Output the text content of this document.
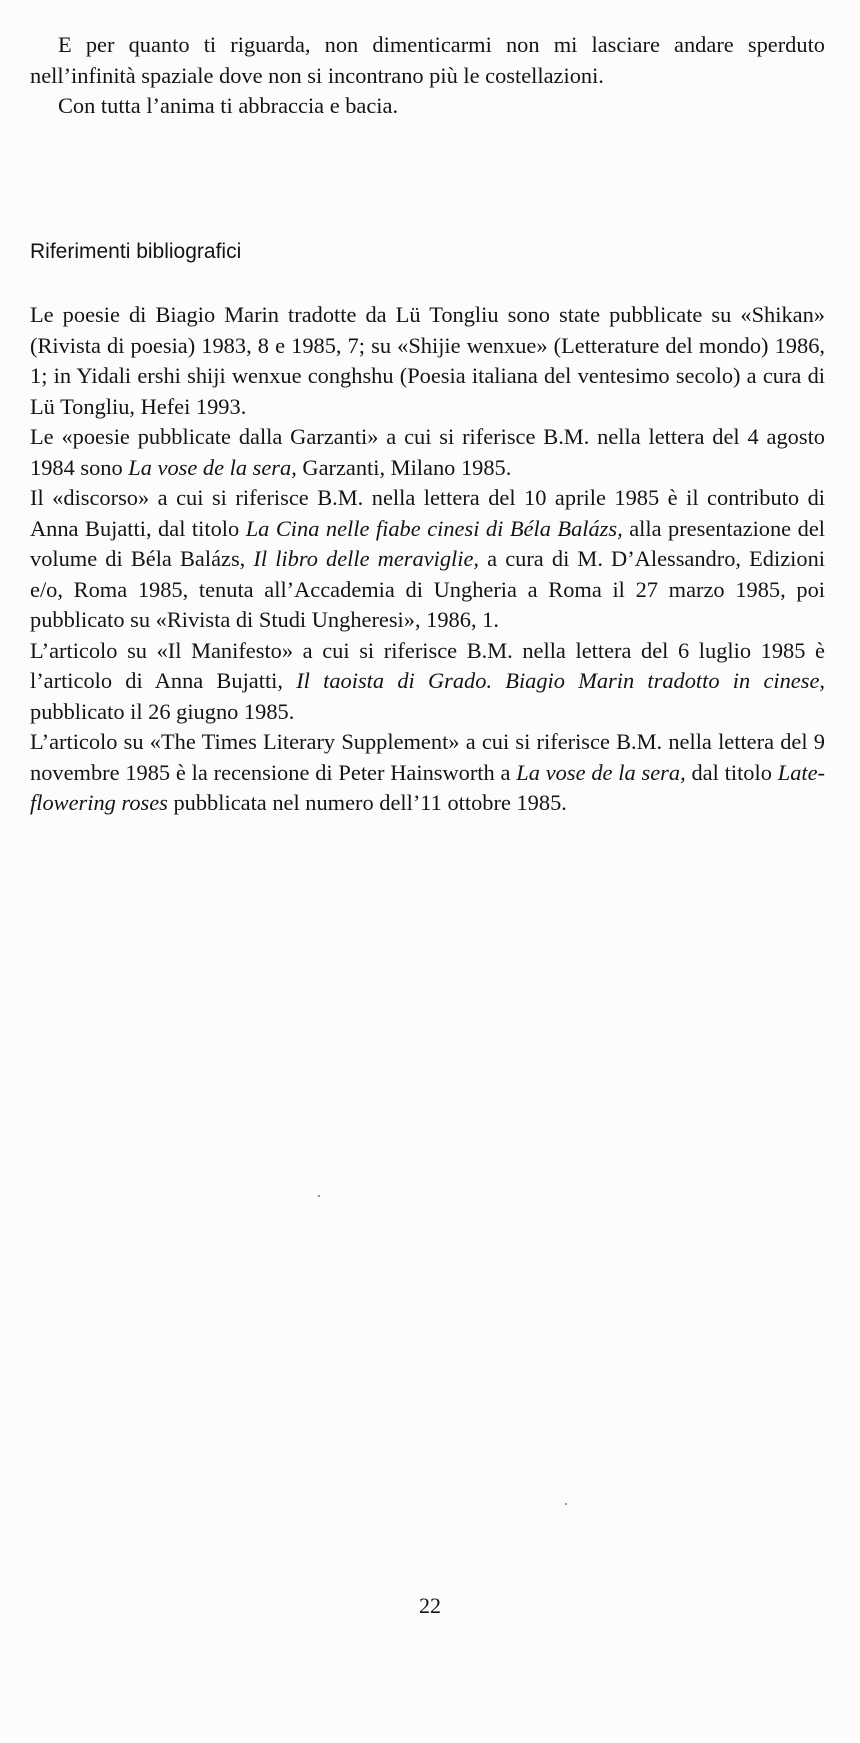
E per quanto ti riguarda, non dimenticarmi non mi lasciare andare sperduto nell’infinità spaziale dove non si incontrano più le costellazioni.

Con tutta l’anima ti abbraccia e bacia.

Riferimenti bibliografici

Le poesie di Biagio Marin tradotte da Lü Tongliu sono state pubblicate su «Shikan» (Rivista di poesia) 1983, 8 e 1985, 7; su «Shijie wenxue» (Letterature del mondo) 1986, 1; in Yidali ershi shiji wenxue conghshu (Poesia italiana del ventesimo secolo) a cura di Lü Tongliu, Hefei 1993.

Le «poesie pubblicate dalla Garzanti» a cui si riferisce B.M. nella lettera del 4 agosto 1984 sono La vose de la sera, Garzanti, Milano 1985.

Il «discorso» a cui si riferisce B.M. nella lettera del 10 aprile 1985 è il contributo di Anna Bujatti, dal titolo La Cina nelle fiabe cinesi di Béla Balázs, alla presentazione del volume di Béla Balázs, Il libro delle meraviglie, a cura di M. D’Alessandro, Edizioni e/o, Roma 1985, tenuta all’Accademia di Ungheria a Roma il 27 marzo 1985, poi pubblicato su «Rivista di Studi Ungheresi», 1986, 1.

L’articolo su «Il Manifesto» a cui si riferisce B.M. nella lettera del 6 luglio 1985 è l’articolo di Anna Bujatti, Il taoista di Grado. Biagio Marin tradotto in cinese, pubblicato il 26 giugno 1985.

L’articolo su «The Times Literary Supplement» a cui si riferisce B.M. nella lettera del 9 novembre 1985 è la recensione di Peter Hainsworth a La vose de la sera, dal titolo Late-flowering roses pubblicata nel numero dell’11 ottobre 1985.

22
